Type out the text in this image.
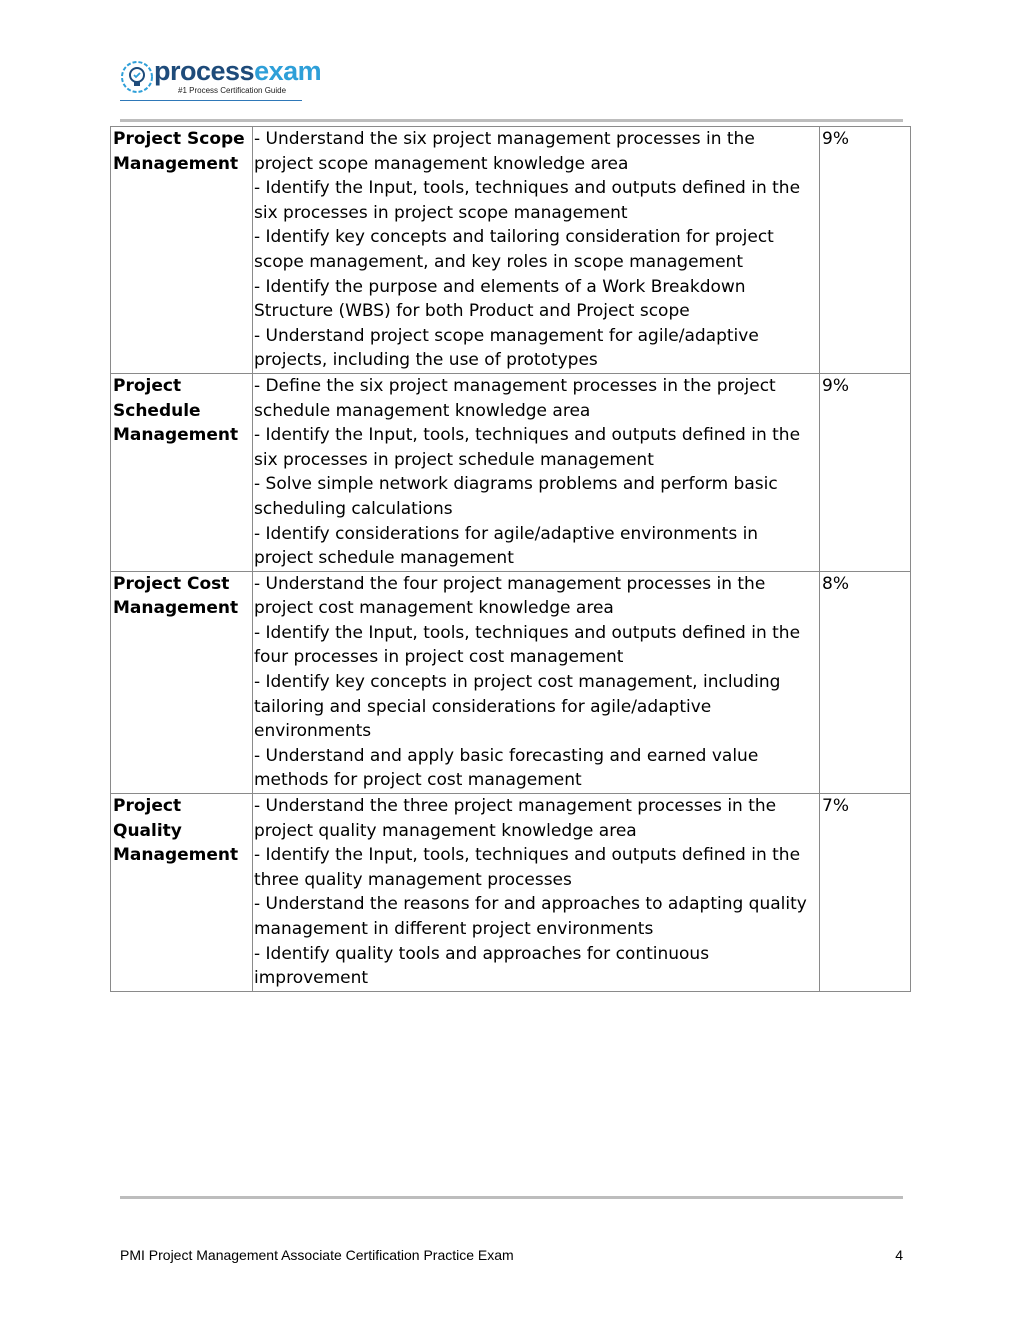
processexam
#1 Process Certification Guide
Project Scope Management	- Understand the six project management processes in the project scope management knowledge area
- Identify the Input, tools, techniques and outputs defined in the six processes in project scope management
- Identify key concepts and tailoring consideration for project scope management, and key roles in scope management
- Identify the purpose and elements of a Work Breakdown Structure (WBS) for both Product and Project scope
- Understand project scope management for agile/adaptive projects, including the use of prototypes	9%
Project Schedule Management	- Define the six project management processes in the project schedule management knowledge area
- Identify the Input, tools, techniques and outputs defined in the six processes in project schedule management
- Solve simple network diagrams problems and perform basic scheduling calculations
- Identify considerations for agile/adaptive environments in project schedule management	9%
Project Cost Management	- Understand the four project management processes in the project cost management knowledge area
- Identify the Input, tools, techniques and outputs defined in the four processes in project cost management
- Identify key concepts in project cost management, including tailoring and special considerations for agile/adaptive environments
- Understand and apply basic forecasting and earned value methods for project cost management	8%
Project Quality Management	- Understand the three project management processes in the project quality management knowledge area
- Identify the Input, tools, techniques and outputs defined in the three quality management processes
- Understand the reasons for and approaches to adapting quality management in different project environments
- Identify quality tools and approaches for continuous improvement	7%
PMI Project Management Associate Certification Practice Exam	4
